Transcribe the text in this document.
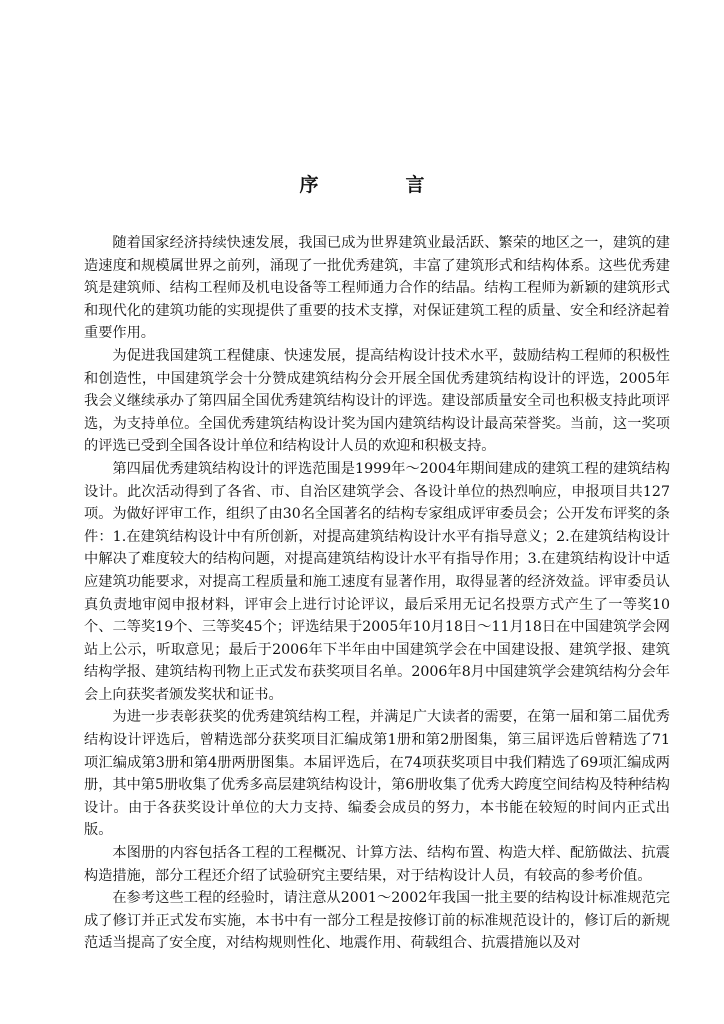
序　言

随着国家经济持续快速发展，我国已成为世界建筑业最活跃、繁荣的地区之一，建筑的建造速度和规模属世界之前列，涌现了一批优秀建筑，丰富了建筑形式和结构体系。这些优秀建筑是建筑师、结构工程师及机电设备等工程师通力合作的结晶。结构工程师为新颖的建筑形式和现代化的建筑功能的实现提供了重要的技术支撑，对保证建筑工程的质量、安全和经济起着重要作用。

为促进我国建筑工程健康、快速发展，提高结构设计技术水平，鼓励结构工程师的积极性和创造性，中国建筑学会十分赞成建筑结构分会开展全国优秀建筑结构设计的评选，2005年我会义继续承办了第四届全国优秀建筑结构设计的评选。建设部质量安全司也积极支持此项评选，为支持单位。全国优秀建筑结构设计奖为国内建筑结构设计最高荣誉奖。当前，这一奖项的评选已受到全国各设计单位和结构设计人员的欢迎和积极支持。

第四届优秀建筑结构设计的评选范围是1999年～2004年期间建成的建筑工程的建筑结构设计。此次活动得到了各省、市、自治区建筑学会、各设计单位的热烈响应，申报项目共127项。为做好评审工作，组织了由30名全国著名的结构专家组成评审委员会；公开发布评奖的条件：1.在建筑结构设计中有所创新，对提高建筑结构设计水平有指导意义；2.在建筑结构设计中解决了难度较大的结构问题，对提高建筑结构设计水平有指导作用；3.在建筑结构设计中适应建筑功能要求，对提高工程质量和施工速度有显著作用，取得显著的经济效益。评审委员认真负责地审阅申报材料，评审会上进行讨论评议，最后采用无记名投票方式产生了一等奖10个、二等奖19个、三等奖45个；评选结果于2005年10月18日～11月18日在中国建筑学会网站上公示，听取意见；最后于2006年下半年由中国建筑学会在中国建设报、建筑学报、建筑结构学报、建筑结构刊物上正式发布获奖项目名单。2006年8月中国建筑学会建筑结构分会年会上向获奖者颁发奖状和证书。

为进一步表彰获奖的优秀建筑结构工程，并满足广大读者的需要，在第一届和第二届优秀结构设计评选后，曾精选部分获奖项目汇编成第1册和第2册图集，第三届评选后曾精选了71项汇编成第3册和第4册两册图集。本届评选后，在74项获奖项目中我们精选了69项汇编成两册，其中第5册收集了优秀多高层建筑结构设计，第6册收集了优秀大跨度空间结构及特种结构设计。由于各获奖设计单位的大力支持、编委会成员的努力，本书能在较短的时间内正式出版。

本图册的内容包括各工程的工程概况、计算方法、结构布置、构造大样、配筋做法、抗震构造措施，部分工程还介绍了试验研究主要结果，对于结构设计人员，有较高的参考价值。

在参考这些工程的经验时，请注意从2001～2002年我国一批主要的结构设计标准规范完成了修订并正式发布实施，本书中有一部分工程是按修订前的标准规范设计的，修订后的新规范适当提高了安全度，对结构规则性化、地震作用、荷载组合、抗震措施以及对
